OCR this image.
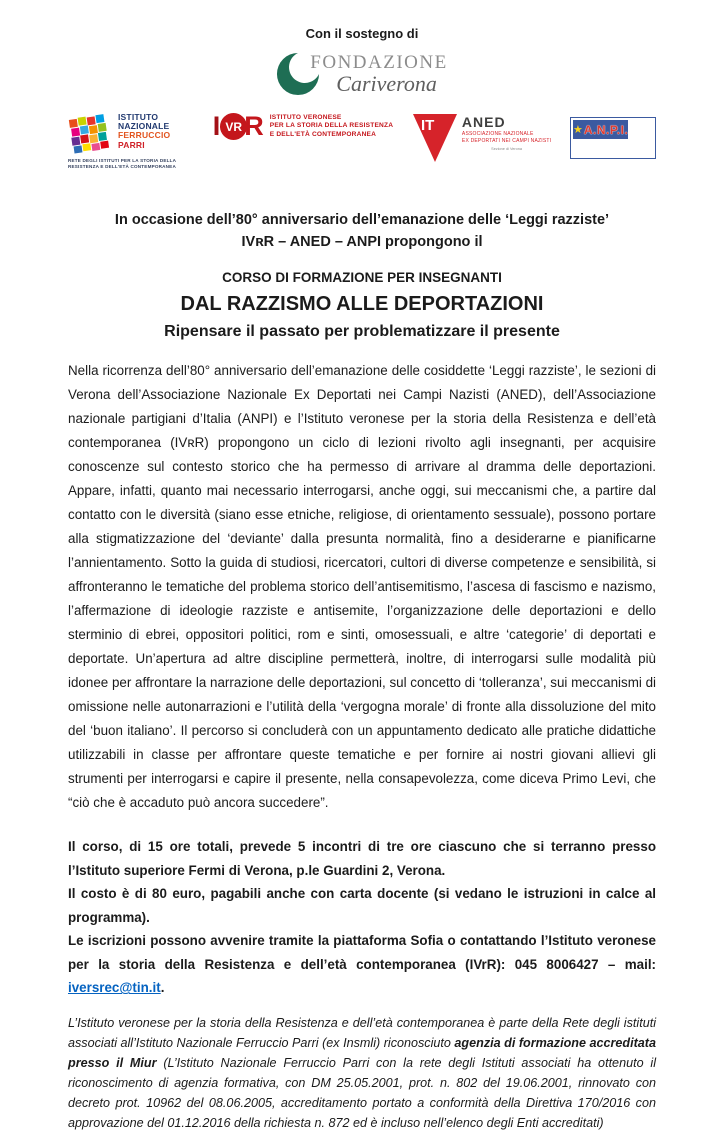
Con il sostegno di
FONDAZIONE
Cariverona
ISTITUTO
NAZIONALE
FERRUCCIO
PARRI
RETE DEGLI ISTITUTI PER LA STORIA DELLA RESISTENZA E DELL'ETÀ CONTEMPORANEA
I VR R ISTITUTO VERONESE
PER LA STORIA DELLA RESISTENZA
E DELL'ETÀ CONTEMPORANEA
IT ANED
ASSOCIAZIONE NAZIONALE
EX DEPORTATI NEI CAMPI NAZISTI
Sezione di Verona
★ A.N.P.I.
In occasione dell’80° anniversario dell’emanazione delle ‘Leggi razziste’
IVʀR – ANED – ANPI propongono il
CORSO DI FORMAZIONE PER INSEGNANTI
DAL RAZZISMO ALLE DEPORTAZIONI
Ripensare il passato per problematizzare il presente

Nella ricorrenza dell’80° anniversario dell’emanazione delle cosiddette ‘Leggi razziste’, le sezioni di Verona dell’Associazione Nazionale Ex Deportati nei Campi Nazisti (ANED), dell’Associazione nazionale partigiani d’Italia (ANPI) e l’Istituto veronese per la storia della Resistenza e dell’età contemporanea (IVʀR) propongono un ciclo di lezioni rivolto agli insegnanti, per acquisire conoscenze sul contesto storico che ha permesso di arrivare al dramma delle deportazioni. Appare, infatti, quanto mai necessario interrogarsi, anche oggi, sui meccanismi che, a partire dal contatto con le diversità (siano esse etniche, religiose, di orientamento sessuale), possono portare alla stigmatizzazione del ‘deviante’ dalla presunta normalità, fino a desiderarne e pianificarne l’annientamento. Sotto la guida di studiosi, ricercatori, cultori di diverse competenze e sensibilità, si affronteranno le tematiche del problema storico dell’antisemitismo, l’ascesa di fascismo e nazismo, l’affermazione di ideologie razziste e antisemite, l’organizzazione delle deportazioni e dello sterminio di ebrei, oppositori politici, rom e sinti, omosessuali, e altre ‘categorie’ di deportati e deportate. Un’apertura ad altre discipline permetterà, inoltre, di interrogarsi sulle modalità più idonee per affrontare la narrazione delle deportazioni, sul concetto di ‘tolleranza’, sui meccanismi di omissione nelle autonarrazioni e l’utilità della ‘vergogna morale’ di fronte alla dissoluzione del mito del ‘buon italiano’. Il percorso si concluderà con un appuntamento dedicato alle pratiche didattiche utilizzabili in classe per affrontare queste tematiche e per fornire ai nostri giovani allievi gli strumenti per interrogarsi e capire il presente, nella consapevolezza, come diceva Primo Levi, che “ciò che è accaduto può ancora succedere”.

Il corso, di 15 ore totali, prevede 5 incontri di tre ore ciascuno che si terranno presso l’Istituto superiore Fermi di Verona, p.le Guardini 2, Verona.

Il costo è di 80 euro, pagabili anche con carta docente (si vedano le istruzioni in calce al programma).

Le iscrizioni possono avvenire tramite la piattaforma Sofia o contattando l’Istituto veronese per la storia della Resistenza e dell’età contemporanea (IVrR): 045 8006427 – mail: iversrec@tin.it.

L’Istituto veronese per la storia della Resistenza e dell’età contemporanea è parte della Rete degli istituti associati all’Istituto Nazionale Ferruccio Parri (ex Insmli) riconosciuto agenzia di formazione accreditata presso il Miur (L’Istituto Nazionale Ferruccio Parri con la rete degli Istituti associati ha ottenuto il riconoscimento di agenzia formativa, con DM 25.05.2001, prot. n. 802 del 19.06.2001, rinnovato con decreto prot. 10962 del 08.06.2005, accreditamento portato a conformità della Direttiva 170/2016 con approvazione del 01.12.2016 della richiesta n. 872 ed è incluso nell’elenco degli Enti accreditati)
